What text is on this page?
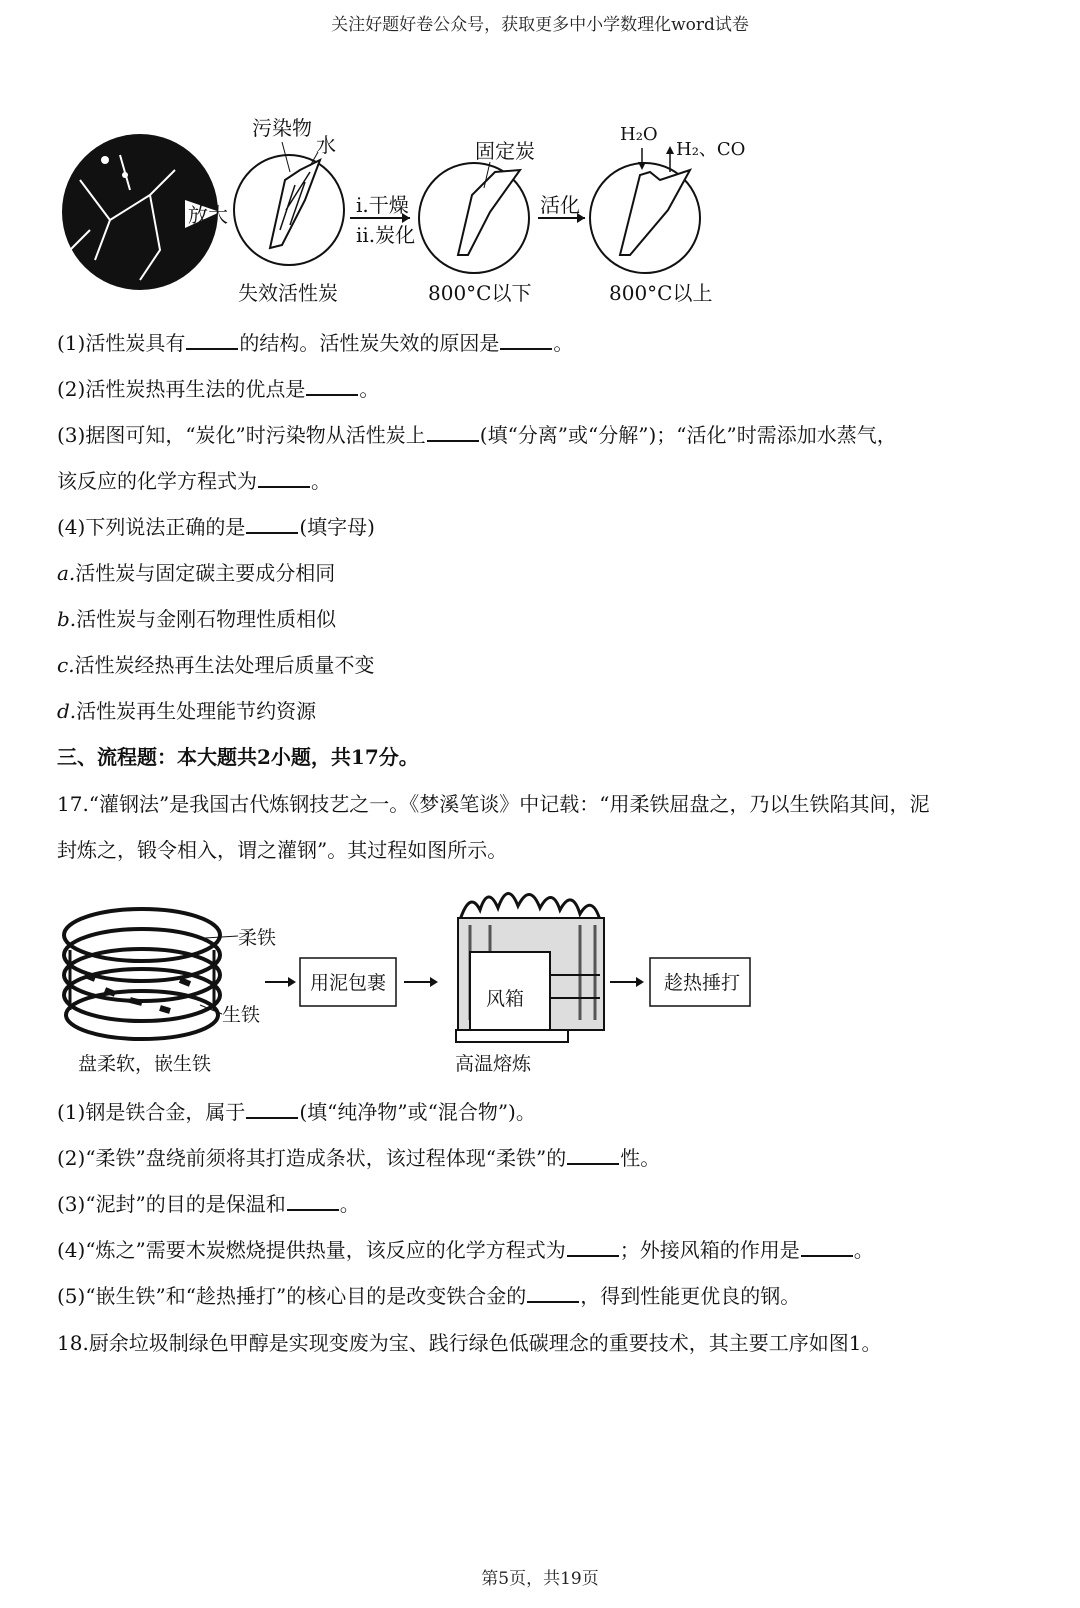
关注好题好卷公众号，获取更多中小学数理化word试卷
放大
污染物
水
失效活性炭
i.干燥
ii.炭化
固定炭
800°C以下
活化
H₂O
H₂、CO
800°C以上
(1)活性炭具有	的结构。活性炭失效的原因是	。
(2)活性炭热再生法的优点是	。
(3)据图可知，“炭化”时污染物从活性炭上	(填“分离”或“分解”)；“活化”时需添加水蒸气，
该反应的化学方程式为	。
(4)下列说法正确的是	(填字母)
a.活性炭与固定碳主要成分相同
b.活性炭与金刚石物理性质相似
c.活性炭经热再生法处理后质量不变
d.活性炭再生处理能节约资源
三、流程题：本大题共2小题，共17分。
17.“灌钢法”是我国古代炼钢技艺之一。《梦溪笔谈》中记载：“用柔铁屈盘之，乃以生铁陷其间，泥
封炼之，锻令相入，谓之灌钢”。其过程如图所示。
柔铁
生铁
盘柔软，嵌生铁
用泥包裹
风箱
高温熔炼
趁热捶打
(1)钢是铁合金，属于	(填“纯净物”或“混合物”)。
(2)“柔铁”盘绕前须将其打造成条状，该过程体现“柔铁”的	性。
(3)“泥封”的目的是保温和	。
(4)“炼之”需要木炭燃烧提供热量，该反应的化学方程式为	；外接风箱的作用是	。
(5)“嵌生铁”和“趁热捶打”的核心目的是改变铁合金的	，得到性能更优良的钢。
18.厨余垃圾制绿色甲醇是实现变废为宝、践行绿色低碳理念的重要技术，其主要工序如图1。
第5页，共19页
